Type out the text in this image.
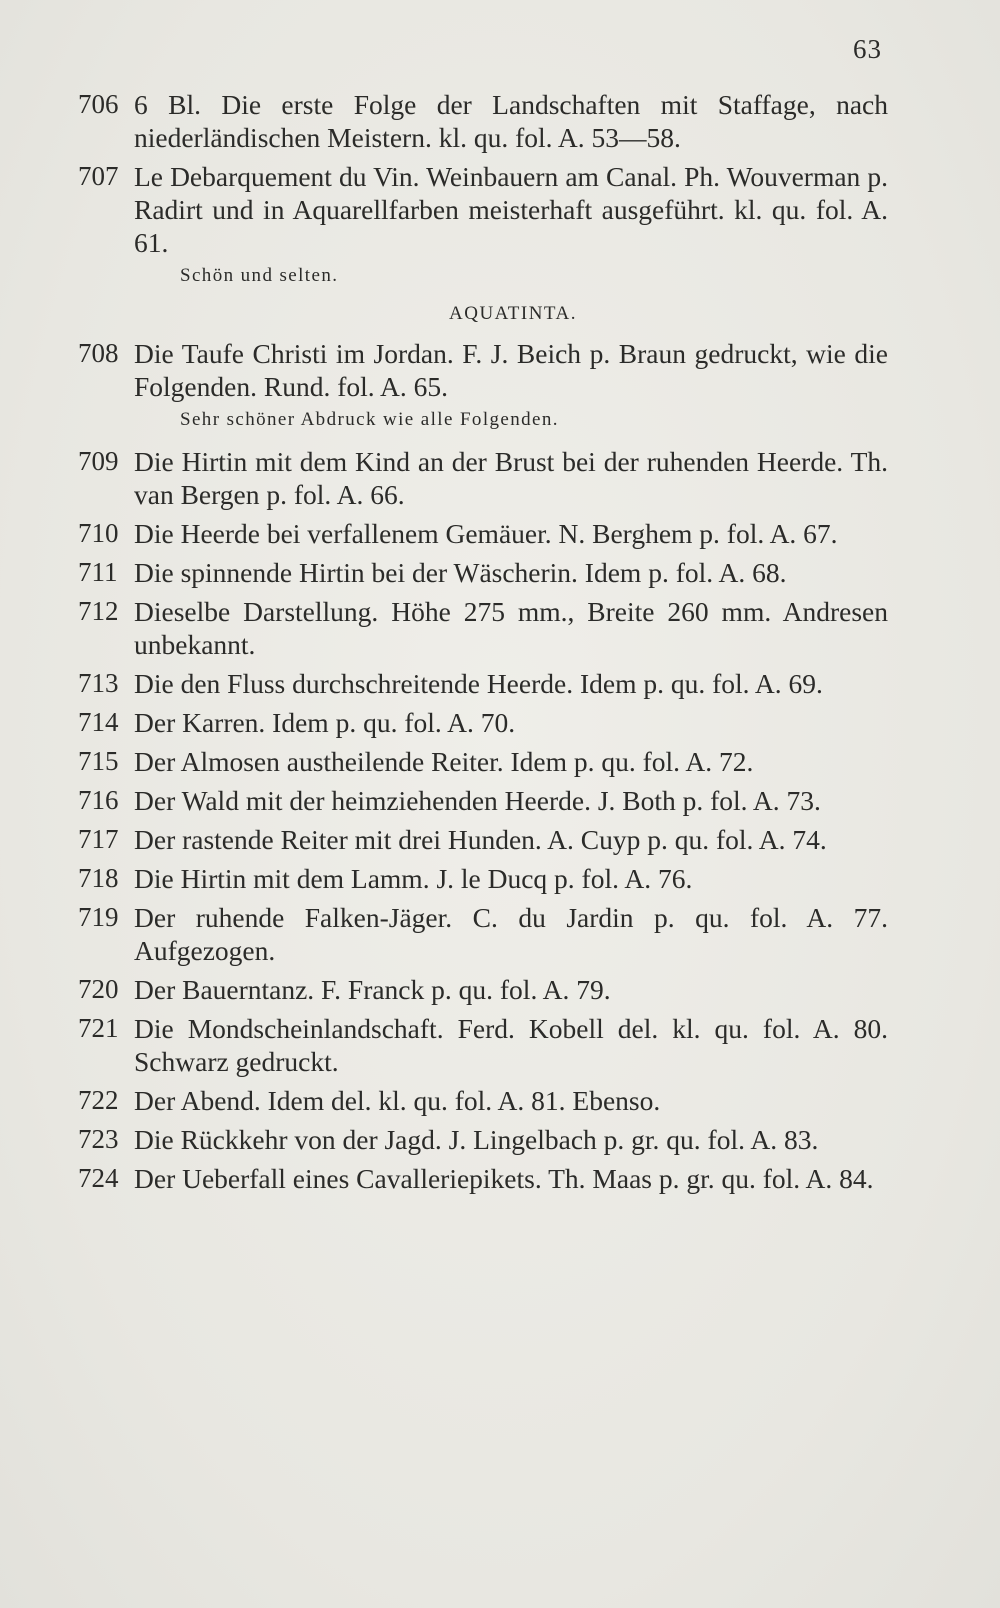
63
706 6 Bl. Die erste Folge der Landschaften mit Staffage, nach niederländischen Meistern. kl. qu. fol. A. 53—58.
707 Le Debarquement du Vin. Weinbauern am Canal. Ph. Wouverman p. Radirt und in Aquarellfarben meisterhaft ausgeführt. kl. qu. fol. A. 61.
Schön und selten.
AQUATINTA.
708 Die Taufe Christi im Jordan. F. J. Beich p. Braun gedruckt, wie die Folgenden. Rund. fol. A. 65.
Sehr schöner Abdruck wie alle Folgenden.
709 Die Hirtin mit dem Kind an der Brust bei der ruhenden Heerde. Th. van Bergen p. fol. A. 66.
710 Die Heerde bei verfallenem Gemäuer. N. Berghem p. fol. A. 67.
711 Die spinnende Hirtin bei der Wäscherin. Idem p. fol. A. 68.
712 Dieselbe Darstellung. Höhe 275 mm., Breite 260 mm. Andresen unbekannt.
713 Die den Fluss durchschreitende Heerde. Idem p. qu. fol. A. 69.
714 Der Karren. Idem p. qu. fol. A. 70.
715 Der Almosen austheilende Reiter. Idem p. qu. fol. A. 72.
716 Der Wald mit der heimziehenden Heerde. J. Both p. fol. A. 73.
717 Der rastende Reiter mit drei Hunden. A. Cuyp p. qu. fol. A. 74.
718 Die Hirtin mit dem Lamm. J. le Ducq p. fol. A. 76.
719 Der ruhende Falken-Jäger. C. du Jardin p. qu. fol. A. 77. Aufgezogen.
720 Der Bauerntanz. F. Franck p. qu. fol. A. 79.
721 Die Mondscheinlandschaft. Ferd. Kobell del. kl. qu. fol. A. 80. Schwarz gedruckt.
722 Der Abend. Idem del. kl. qu. fol. A. 81. Ebenso.
723 Die Rückkehr von der Jagd. J. Lingelbach p. gr. qu. fol. A. 83.
724 Der Ueberfall eines Cavalleriepikets. Th. Maas p. gr. qu. fol. A. 84.
